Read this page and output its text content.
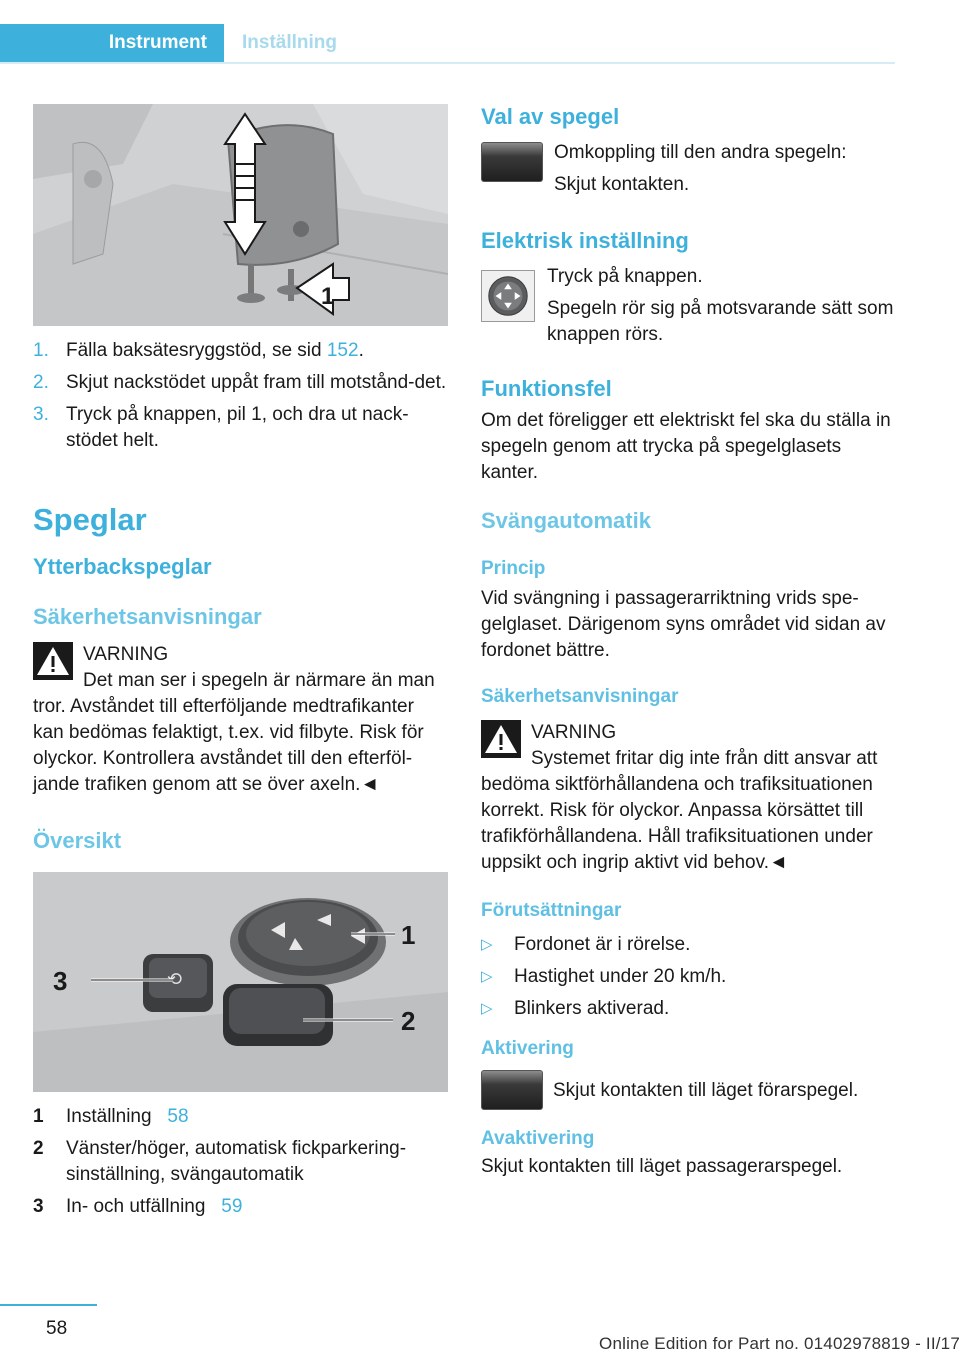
Instrument	Inställning
1
1. Fälla baksätesryggstöd, se sid 152.
2. Skjut nackstödet uppåt fram till motstånd-det.
3. Tryck på knappen, pil 1, och dra ut nack-stödet helt.
Speglar
Ytterbackspeglar
Säkerhetsanvisningar
VARNING
Det man ser i spegeln är närmare än man tror. Avståndet till efterföljande medtrafikanter kan bedömas felaktigt, t.ex. vid filbyte. Risk för olyckor. Kontrollera avståndet till den efterföl-jande trafiken genom att se över axeln.◄
Översikt
⟲
1
2
3
1 Inställning 58
2 Vänster/höger, automatisk fickparkering-sinställning, svängautomatik
3 In- och utfällning 59
Val av spegel

Omkoppling till den andra spegeln:

Skjut kontakten.

Elektrisk inställning

Tryck på knappen.

Spegeln rör sig på motsvarande sätt som knappen rörs.

Funktionsfel

Om det föreligger ett elektriskt fel ska du ställa in spegeln genom att trycka på spegelglasets kanter.

Svängautomatik
Princip

Vid svängning i passagerarriktning vrids spe-gelglaset. Därigenom syns området vid sidan av fordonet bättre.

Säkerhetsanvisningar
VARNING
Systemet fritar dig inte från ditt ansvar att bedöma siktförhållandena och trafiksituationen korrekt. Risk för olyckor. Anpassa körsättet till trafikförhållandena. Håll trafiksituationen under uppsikt och ingrip aktivt vid behov.◄
Förutsättningar
▷ Fordonet är i rörelse.
▷ Hastighet under 20 km/h.
▷ Blinkers aktiverad.
Aktivering

Skjut kontakten till läget förarspegel.

Avaktivering

Skjut kontakten till läget passagerarspegel.

58
Online Edition for Part no. 01402978819 - II/17
